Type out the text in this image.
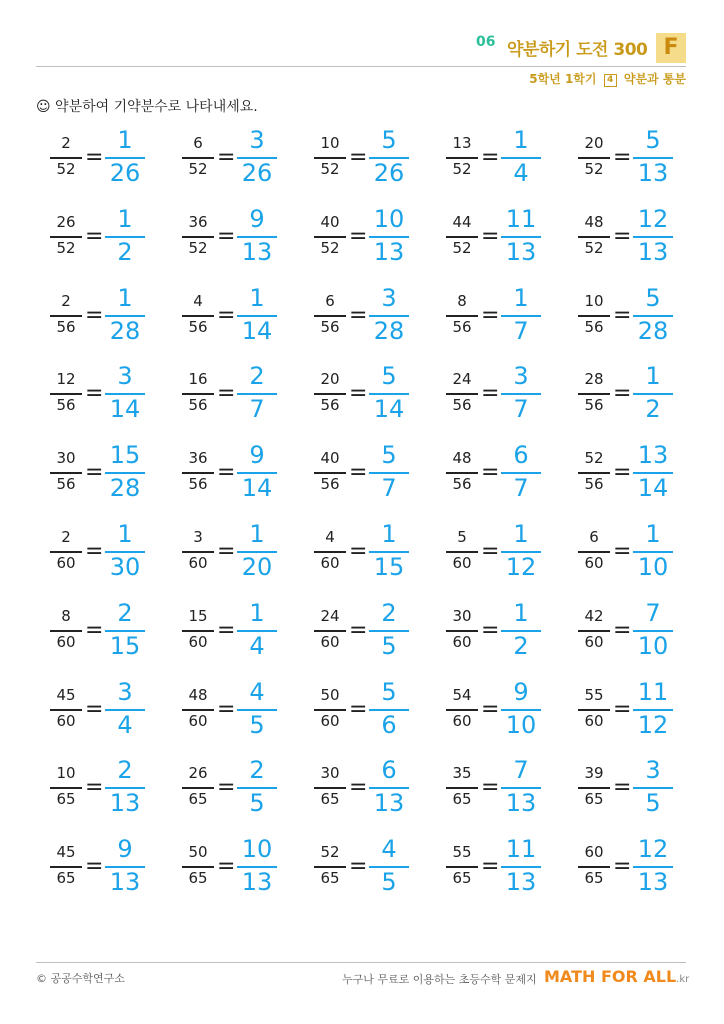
06 약분하기 도전 300 F
5학년 1학기 4 약분과 통분
☺ 약분하여 기약분수로 나타내세요.
2
52 =
1
26
6
52 =
3
26
10
52 =
5
26
13
52 =
1
4
20
52 =
5
13
26
52 =
1
2
36
52 =
9
13
40
52 =
10
13
44
52 =
11
13
48
52 =
12
13
2
56 =
1
28
4
56 =
1
14
6
56 =
3
28
8
56 =
1
7
10
56 =
5
28
12
56 =
3
14
16
56 =
2
7
20
56 =
5
14
24
56 =
3
7
28
56 =
1
2
30
56 =
15
28
36
56 =
9
14
40
56 =
5
7
48
56 =
6
7
52
56 =
13
14
2
60 =
1
30
3
60 =
1
20
4
60 =
1
15
5
60 =
1
12
6
60 =
1
10
8
60 =
2
15
15
60 =
1
4
24
60 =
2
5
30
60 =
1
2
42
60 =
7
10
45
60 =
3
4
48
60 =
4
5
50
60 =
5
6
54
60 =
9
10
55
60 =
11
12
10
65 =
2
13
26
65 =
2
5
30
65 =
6
13
35
65 =
7
13
39
65 =
3
5
45
65 =
9
13
50
65 =
10
13
52
65 =
4
5
55
65 =
11
13
60
65 =
12
13
© 공공수학연구소	누구나 무료로 이용하는 초등수학 문제지 MATH FOR ALL.kr
